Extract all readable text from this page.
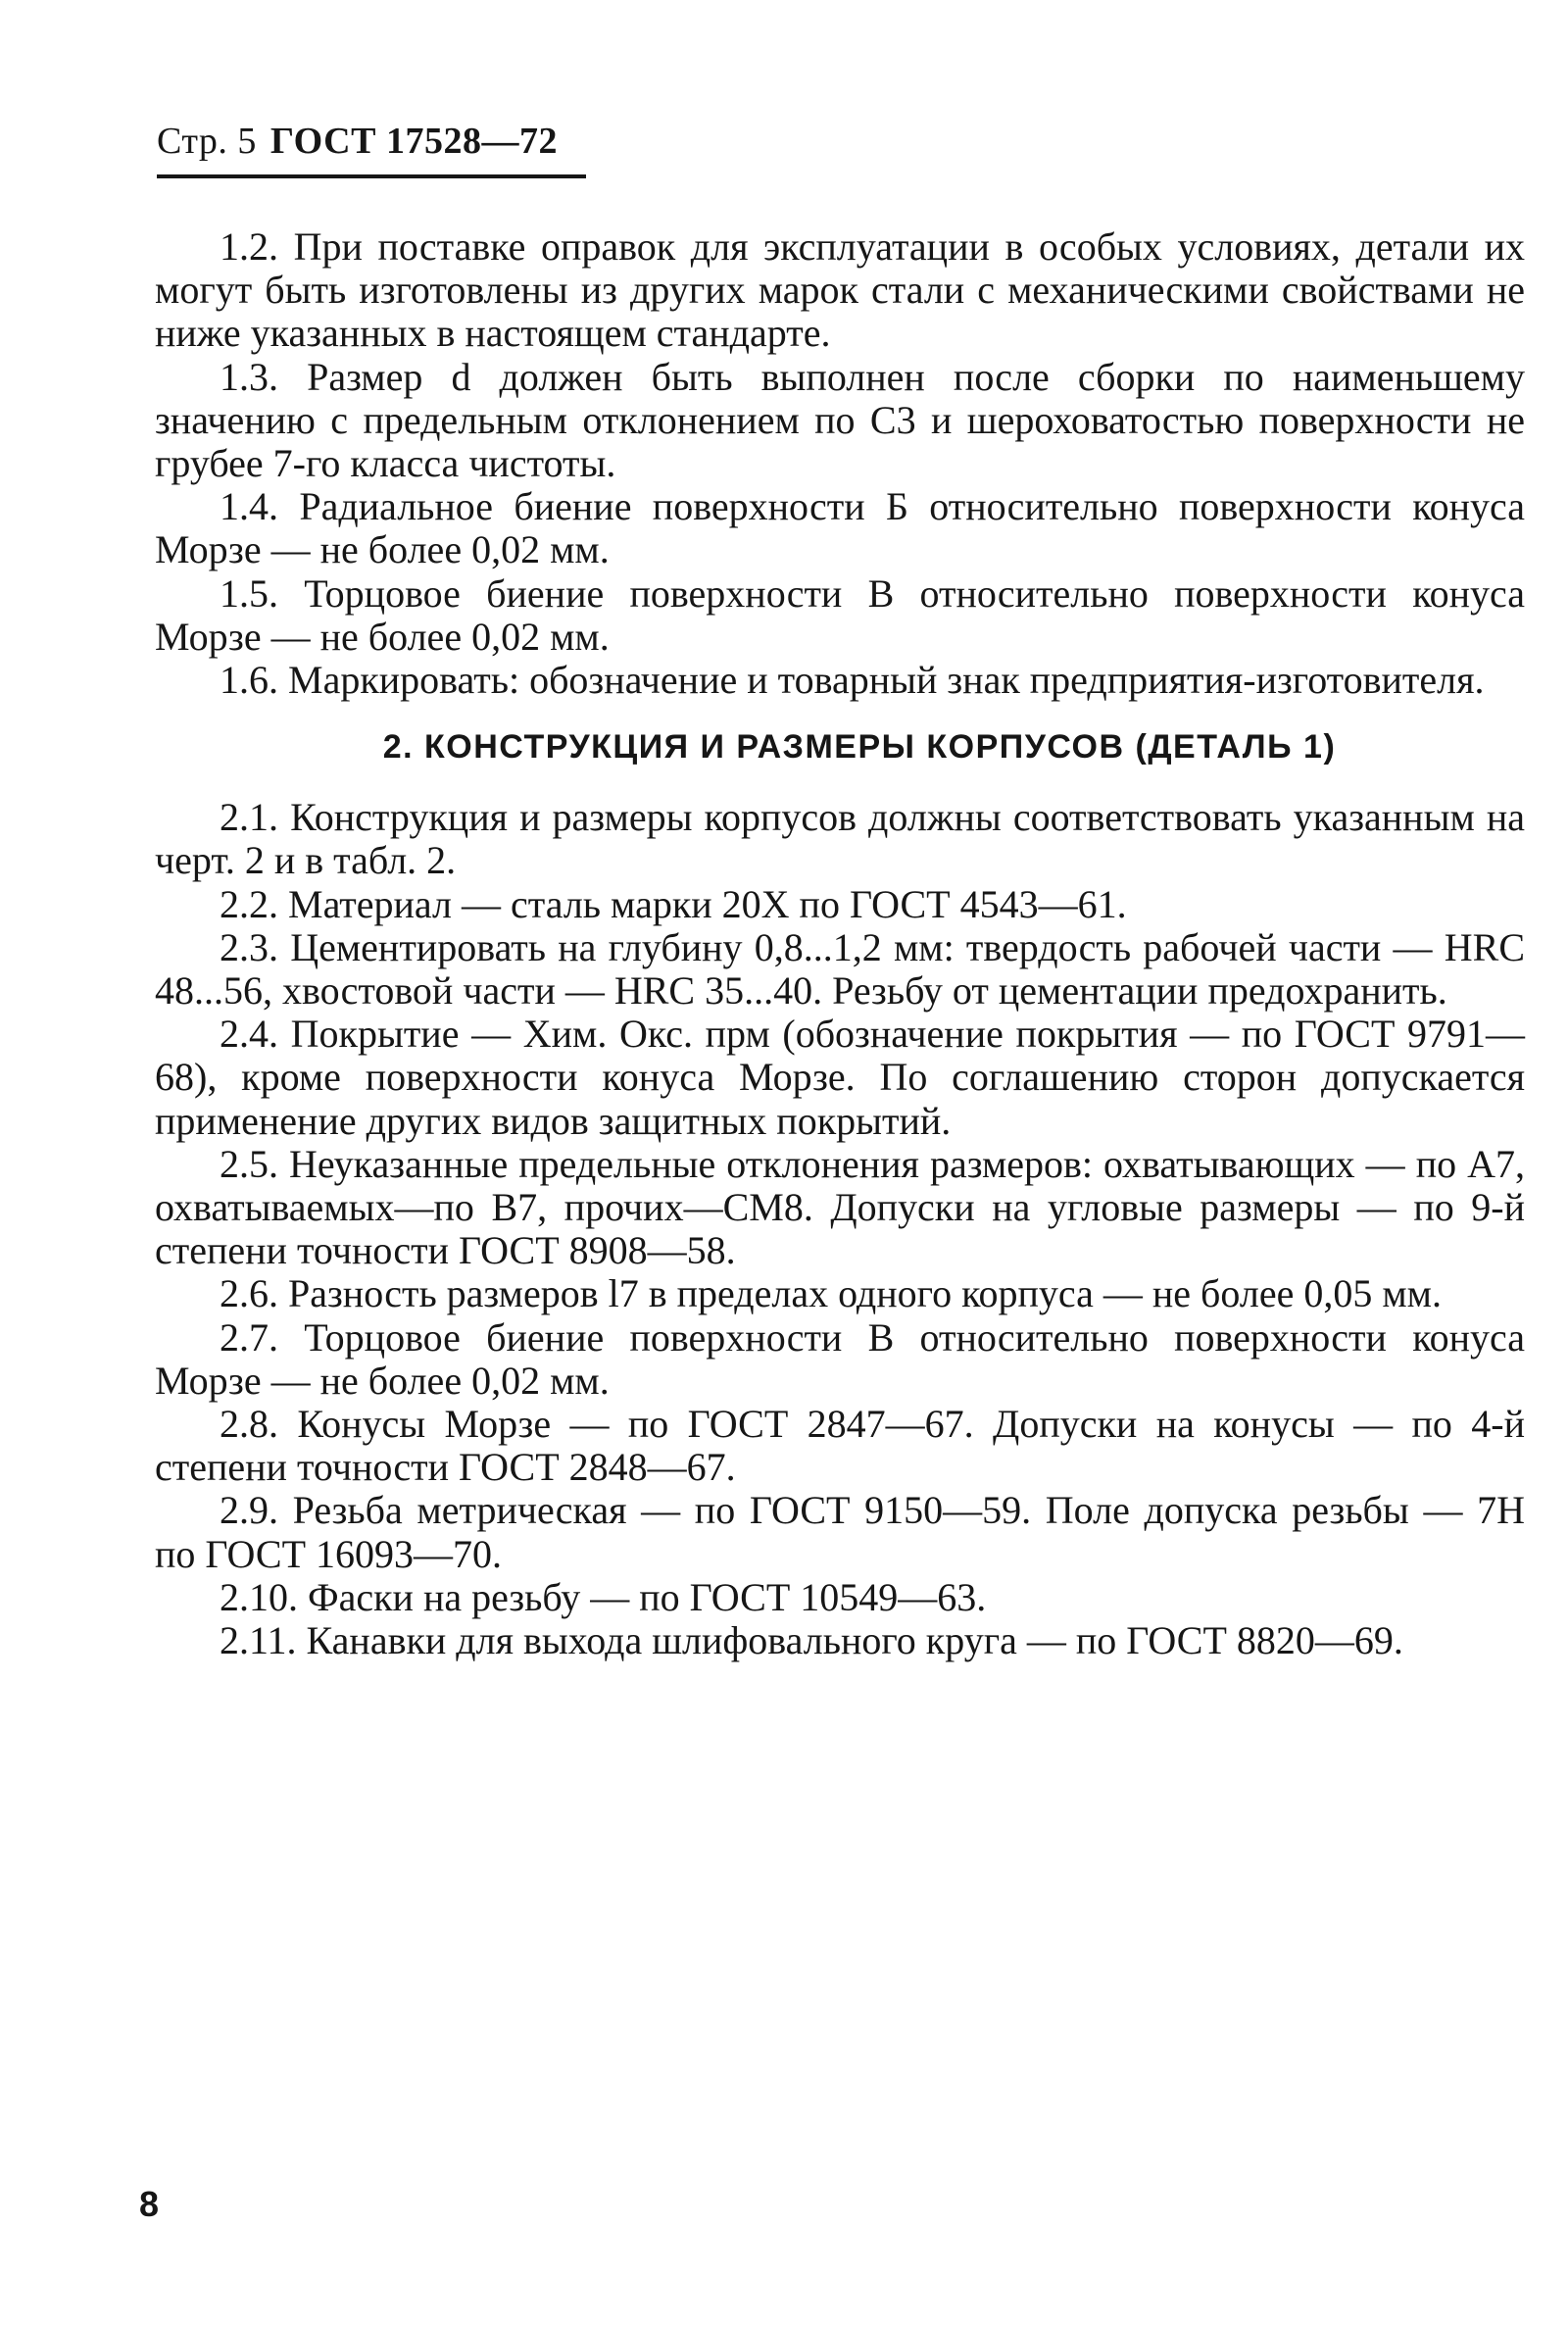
Стр. 5 ГОСТ 17528—72

1.2. При поставке оправок для эксплуатации в особых условиях, детали их могут быть изготовлены из других марок стали с механическими свойствами не ниже указанных в настоящем стандарте.

1.3. Размер d должен быть выполнен после сборки по наименьшему значению с предельным отклонением по С3 и шероховатостью поверхности не грубее 7-го класса чистоты.

1.4. Радиальное биение поверхности Б относительно поверхности конуса Морзе — не более 0,02 мм.

1.5. Торцовое биение поверхности В относительно поверхности конуса Морзе — не более 0,02 мм.

1.6. Маркировать: обозначение и товарный знак предприятия-изготовителя.

2. КОНСТРУКЦИЯ И РАЗМЕРЫ КОРПУСОВ (ДЕТАЛЬ 1)

2.1. Конструкция и размеры корпусов должны соответствовать указанным на черт. 2 и в табл. 2.

2.2. Материал — сталь марки 20Х по ГОСТ 4543—61.

2.3. Цементировать на глубину 0,8...1,2 мм: твердость рабочей части — HRC 48...56, хвостовой части — HRC 35...40. Резьбу от цементации предохранить.

2.4. Покрытие — Хим. Окс. прм (обозначение покрытия — по ГОСТ 9791—68), кроме поверхности конуса Морзе. По соглашению сторон допускается применение других видов защитных покрытий.

2.5. Неуказанные предельные отклонения размеров: охватывающих — по А7, охватываемых—по В7, прочих—СМ8. Допуски на угловые размеры — по 9-й степени точности ГОСТ 8908—58.

2.6. Разность размеров l7 в пределах одного корпуса — не более 0,05 мм.

2.7. Торцовое биение поверхности В относительно поверхности конуса Морзе — не более 0,02 мм.

2.8. Конусы Морзе — по ГОСТ 2847—67. Допуски на конусы — по 4-й степени точности ГОСТ 2848—67.

2.9. Резьба метрическая — по ГОСТ 9150—59. Поле допуска резьбы — 7Н по ГОСТ 16093—70.

2.10. Фаски на резьбу — по ГОСТ 10549—63.

2.11. Канавки для выхода шлифовального круга — по ГОСТ 8820—69.

8
